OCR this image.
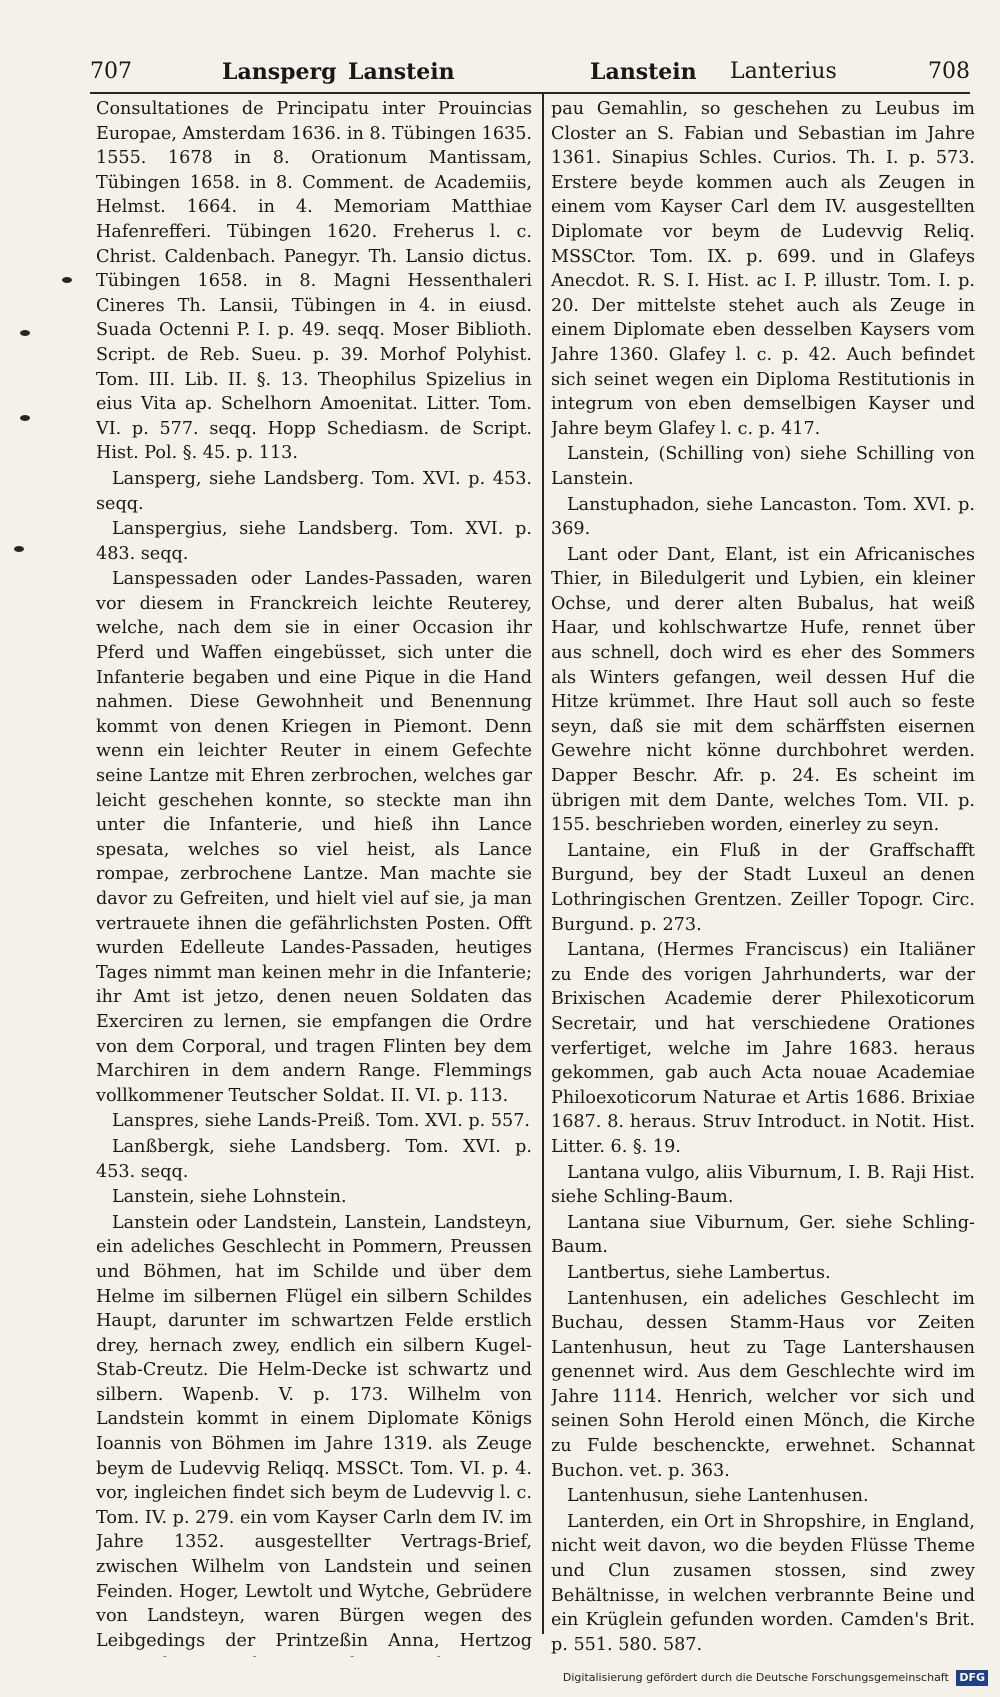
707	Lansperg Lanstein	Lanstein Lanterius	708

Consultationes de Principatu inter Prouincias Europae, Amsterdam 1636. in 8. Tübingen 1635. 1555. 1678 in 8. Orationum Mantissam, Tübingen 1658. in 8. Comment. de Academiis, Helmst. 1664. in 4. Memoriam Matthiae Hafenrefferi. Tübingen 1620. Freherus l. c. Christ. Caldenbach. Panegyr. Th. Lansio dictus. Tübingen 1658. in 8. Magni Hessenthaleri Cineres Th. Lansii, Tübingen in 4. in eiusd. Suada Octenni P. I. p. 49. seqq. Moser Biblioth. Script. de Reb. Sueu. p. 39. Morhof Polyhist. Tom. III. Lib. II. §. 13. Theophilus Spizelius in eius Vita ap. Schelhorn Amoenitat. Litter. Tom. VI. p. 577. seqq. Hopp Schediasm. de Script. Hist. Pol. §. 45. p. 113.

Lansperg, siehe Landsberg. Tom. XVI. p. 453. seqq.

Lanspergius, siehe Landsberg. Tom. XVI. p. 483. seqq.

Lanspessaden oder Landes-Passaden, waren vor diesem in Franckreich leichte Reuterey, welche, nach dem sie in einer Occasion ihr Pferd und Waffen eingebüsset, sich unter die Infanterie begaben und eine Pique in die Hand nahmen. Diese Gewohnheit und Benennung kommt von denen Kriegen in Piemont. Denn wenn ein leichter Reuter in einem Gefechte seine Lantze mit Ehren zerbrochen, welches gar leicht geschehen konnte, so steckte man ihn unter die Infanterie, und hieß ihn Lance spesata, welches so viel heist, als Lance rompae, zerbrochene Lantze. Man machte sie davor zu Gefreiten, und hielt viel auf sie, ja man vertrauete ihnen die gefährlichsten Posten. Offt wurden Edelleute Landes-Passaden, heutiges Tages nimmt man keinen mehr in die Infanterie; ihr Amt ist jetzo, denen neuen Soldaten das Exerciren zu lernen, sie empfangen die Ordre von dem Corporal, und tragen Flinten bey dem Marchiren in dem andern Range. Flemmings vollkommener Teutscher Soldat. II. VI. p. 113.

Lanspres, siehe Lands-Preiß. Tom. XVI. p. 557.

Lanßbergk, siehe Landsberg. Tom. XVI. p. 453. seqq.

Lanstein, siehe Lohnstein.

Lanstein oder Landstein, Lanstein, Landsteyn, ein adeliches Geschlecht in Pommern, Preussen und Böhmen, hat im Schilde und über dem Helme im silbernen Flügel ein silbern Schildes Haupt, darunter im schwartzen Felde erstlich drey, hernach zwey, endlich ein silbern Kugel-Stab-Creutz. Die Helm-Decke ist schwartz und silbern. Wapenb. V. p. 173. Wilhelm von Landstein kommt in einem Diplomate Königs Ioannis von Böhmen im Jahre 1319. als Zeuge beym de Ludevvig Reliqq. MSSCt. Tom. VI. p. 4. vor, ingleichen findet sich beym de Ludevvig l. c. Tom. IV. p. 279. ein vom Kayser Carln dem IV. im Jahre 1352. ausgestellter Vertrags-Brief, zwischen Wilhelm von Landstein und seinen Feinden. Hoger, Lewtolt und Wytche, Gebrüdere von Landsteyn, waren Bürgen wegen des Leibgedings der Printzeßin Anna, Hertzog

pau Gemahlin, so geschehen zu Leubus im Closter an S. Fabian und Sebastian im Jahre 1361. Sinapius Schles. Curios. Th. I. p. 573. Erstere beyde kommen auch als Zeugen in einem vom Kayser Carl dem IV. ausgestellten Diplomate vor beym de Ludevvig Reliq. MSSCtor. Tom. IX. p. 699. und in Glafeys Anecdot. R. S. I. Hist. ac I. P. illustr. Tom. I. p. 20. Der mittelste stehet auch als Zeuge in einem Diplomate eben desselben Kaysers vom Jahre 1360. Glafey l. c. p. 42. Auch befindet sich seinet wegen ein Diploma Restitutionis in integrum von eben demselbigen Kayser und Jahre beym Glafey l. c. p. 417.

Lanstein, (Schilling von) siehe Schilling von Lanstein.

Lanstuphadon, siehe Lancaston. Tom. XVI. p. 369.

Lant oder Dant, Elant, ist ein Africanisches Thier, in Biledulgerit und Lybien, ein kleiner Ochse, und derer alten Bubalus, hat weiß Haar, und kohlschwartze Hufe, rennet über aus schnell, doch wird es eher des Sommers als Winters gefangen, weil dessen Huf die Hitze krümmet. Ihre Haut soll auch so feste seyn, daß sie mit dem schärffsten eisernen Gewehre nicht könne durchbohret werden. Dapper Beschr. Afr. p. 24. Es scheint im übrigen mit dem Dante, welches Tom. VII. p. 155. beschrieben worden, einerley zu seyn.

Lantaine, ein Fluß in der Graffschafft Burgund, bey der Stadt Luxeul an denen Lothringischen Grentzen. Zeiller Topogr. Circ. Burgund. p. 273.

Lantana, (Hermes Franciscus) ein Italiäner zu Ende des vorigen Jahrhunderts, war der Brixischen Academie derer Philexoticorum Secretair, und hat verschiedene Orationes verfertiget, welche im Jahre 1683. heraus gekommen, gab auch Acta nouae Academiae Philoexoticorum Naturae et Artis 1686. Brixiae 1687. 8. heraus. Struv Introduct. in Notit. Hist. Litter. 6. §. 19.

Lantana vulgo, aliis Viburnum, I. B. Raji Hist. siehe Schling-Baum.

Lantana siue Viburnum, Ger. siehe Schling-Baum.

Lantbertus, siehe Lambertus.

Lantenhusen, ein adeliches Geschlecht im Buchau, dessen Stamm-Haus vor Zeiten Lantenhusun, heut zu Tage Lantershausen genennet wird. Aus dem Geschlechte wird im Jahre 1114. Henrich, welcher vor sich und seinen Sohn Herold einen Mönch, die Kirche zu Fulde beschenckte, erwehnet. Schannat Buchon. vet. p. 363.

Lantenhusun, siehe Lantenhusen.

Lanterden, ein Ort in Shropshire, in England, nicht weit davon, wo die beyden Flüsse Theme und Clun zusamen stossen, sind zwey Behältnisse, in welchen verbrannte Beine und ein Krüglein gefunden worden. Camden's Brit. p. 551. 580. 587.

Digitalisierung gefördert durch die Deutsche Forschungsgemeinschaft DFG
